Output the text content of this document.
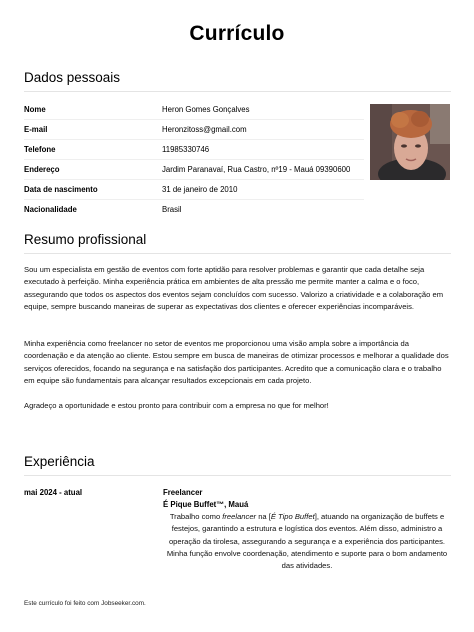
Currículo
Dados pessoais
Nome	Heron Gomes Gonçalves
E-mail	Heronzitoss@gmail.com
Telefone	11985330746
Endereço	Jardim Paranavaí, Rua Castro, nº19 - Mauá 09390600
Data de nascimento	31 de janeiro de 2010
Nacionalidade	Brasil
Resumo profissional
Sou um especialista em gestão de eventos com forte aptidão para resolver problemas e garantir que cada detalhe seja executado à perfeição. Minha experiência prática em ambientes de alta pressão me permite manter a calma e o foco, assegurando que todos os aspectos dos eventos sejam concluídos com sucesso. Valorizo a criatividade e a colaboração em equipe, sempre buscando maneiras de superar as expectativas dos clientes e oferecer experiências incomparáveis.
Minha experiência como freelancer no setor de eventos me proporcionou uma visão ampla sobre a importância da coordenação e da atenção ao cliente. Estou sempre em busca de maneiras de otimizar processos e melhorar a qualidade dos serviços oferecidos, focando na segurança e na satisfação dos participantes. Acredito que a comunicação clara e o trabalho em equipe são fundamentais para alcançar resultados excepcionais em cada projeto.
Agradeço a oportunidade e estou pronto para contribuir com a empresa no que for melhor!
Experiência
mai 2024 - atual	Freelancer
É Pique Buffet™, Mauá
Trabalho como freelancer na [É Tipo Buffet], atuando na organização de buffets e festejos, garantindo a estrutura e logística dos eventos. Além disso, administro a operação da tirolesa, assegurando a segurança e a experiência dos participantes. Minha função envolve coordenação, atendimento e suporte para o bom andamento das atividades.
Este currículo foi feito com Jobseeker.com.
